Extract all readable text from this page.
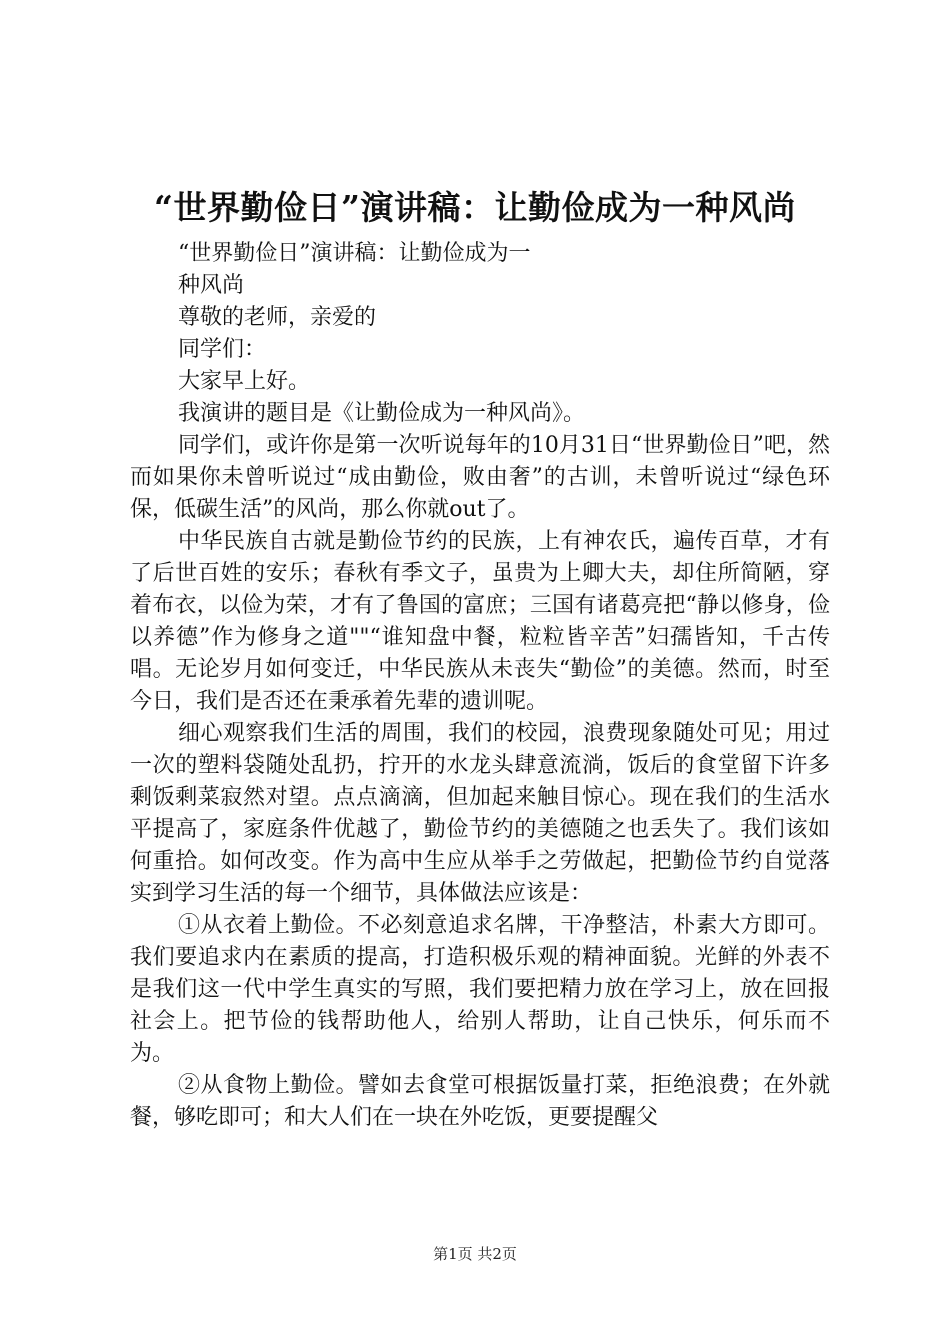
“世界勤俭日”演讲稿：让勤俭成为一种风尚

“世界勤俭日”演讲稿：让勤俭成为一

种风尚

尊敬的老师，亲爱的

同学们：

大家早上好。

我演讲的题目是《让勤俭成为一种风尚》。

同学们，或许你是第一次听说每年的10月31日“世界勤俭日”吧，然而如果你未曾听说过“成由勤俭，败由奢”的古训，未曾听说过“绿色环保，低碳生活”的风尚，那么你就out了。

中华民族自古就是勤俭节约的民族，上有神农氏，遍传百草，才有了后世百姓的安乐；春秋有季文子，虽贵为上卿大夫，却住所简陋，穿着布衣，以俭为荣，才有了鲁国的富庶；三国有诸葛亮把“静以修身，俭以养德”作为修身之道""“谁知盘中餐，粒粒皆辛苦”妇孺皆知，千古传唱。无论岁月如何变迁，中华民族从未丧失“勤俭”的美德。然而，时至今日，我们是否还在秉承着先辈的遗训呢。

细心观察我们生活的周围，我们的校园，浪费现象随处可见；用过一次的塑料袋随处乱扔，拧开的水龙头肆意流淌，饭后的食堂留下许多剩饭剩菜寂然对望。点点滴滴，但加起来触目惊心。现在我们的生活水平提高了，家庭条件优越了，勤俭节约的美德随之也丢失了。我们该如何重拾。如何改变。作为高中生应从举手之劳做起，把勤俭节约自觉落实到学习生活的每一个细节，具体做法应该是：

①从衣着上勤俭。不必刻意追求名牌，干净整洁，朴素大方即可。我们要追求内在素质的提高，打造积极乐观的精神面貌。光鲜的外表不是我们这一代中学生真实的写照，我们要把精力放在学习上，放在回报社会上。把节俭的钱帮助他人，给别人帮助，让自己快乐，何乐而不为。

②从食物上勤俭。譬如去食堂可根据饭量打菜，拒绝浪费；在外就餐，够吃即可；和大人们在一块在外吃饭，更要提醒父

第1页 共2页
